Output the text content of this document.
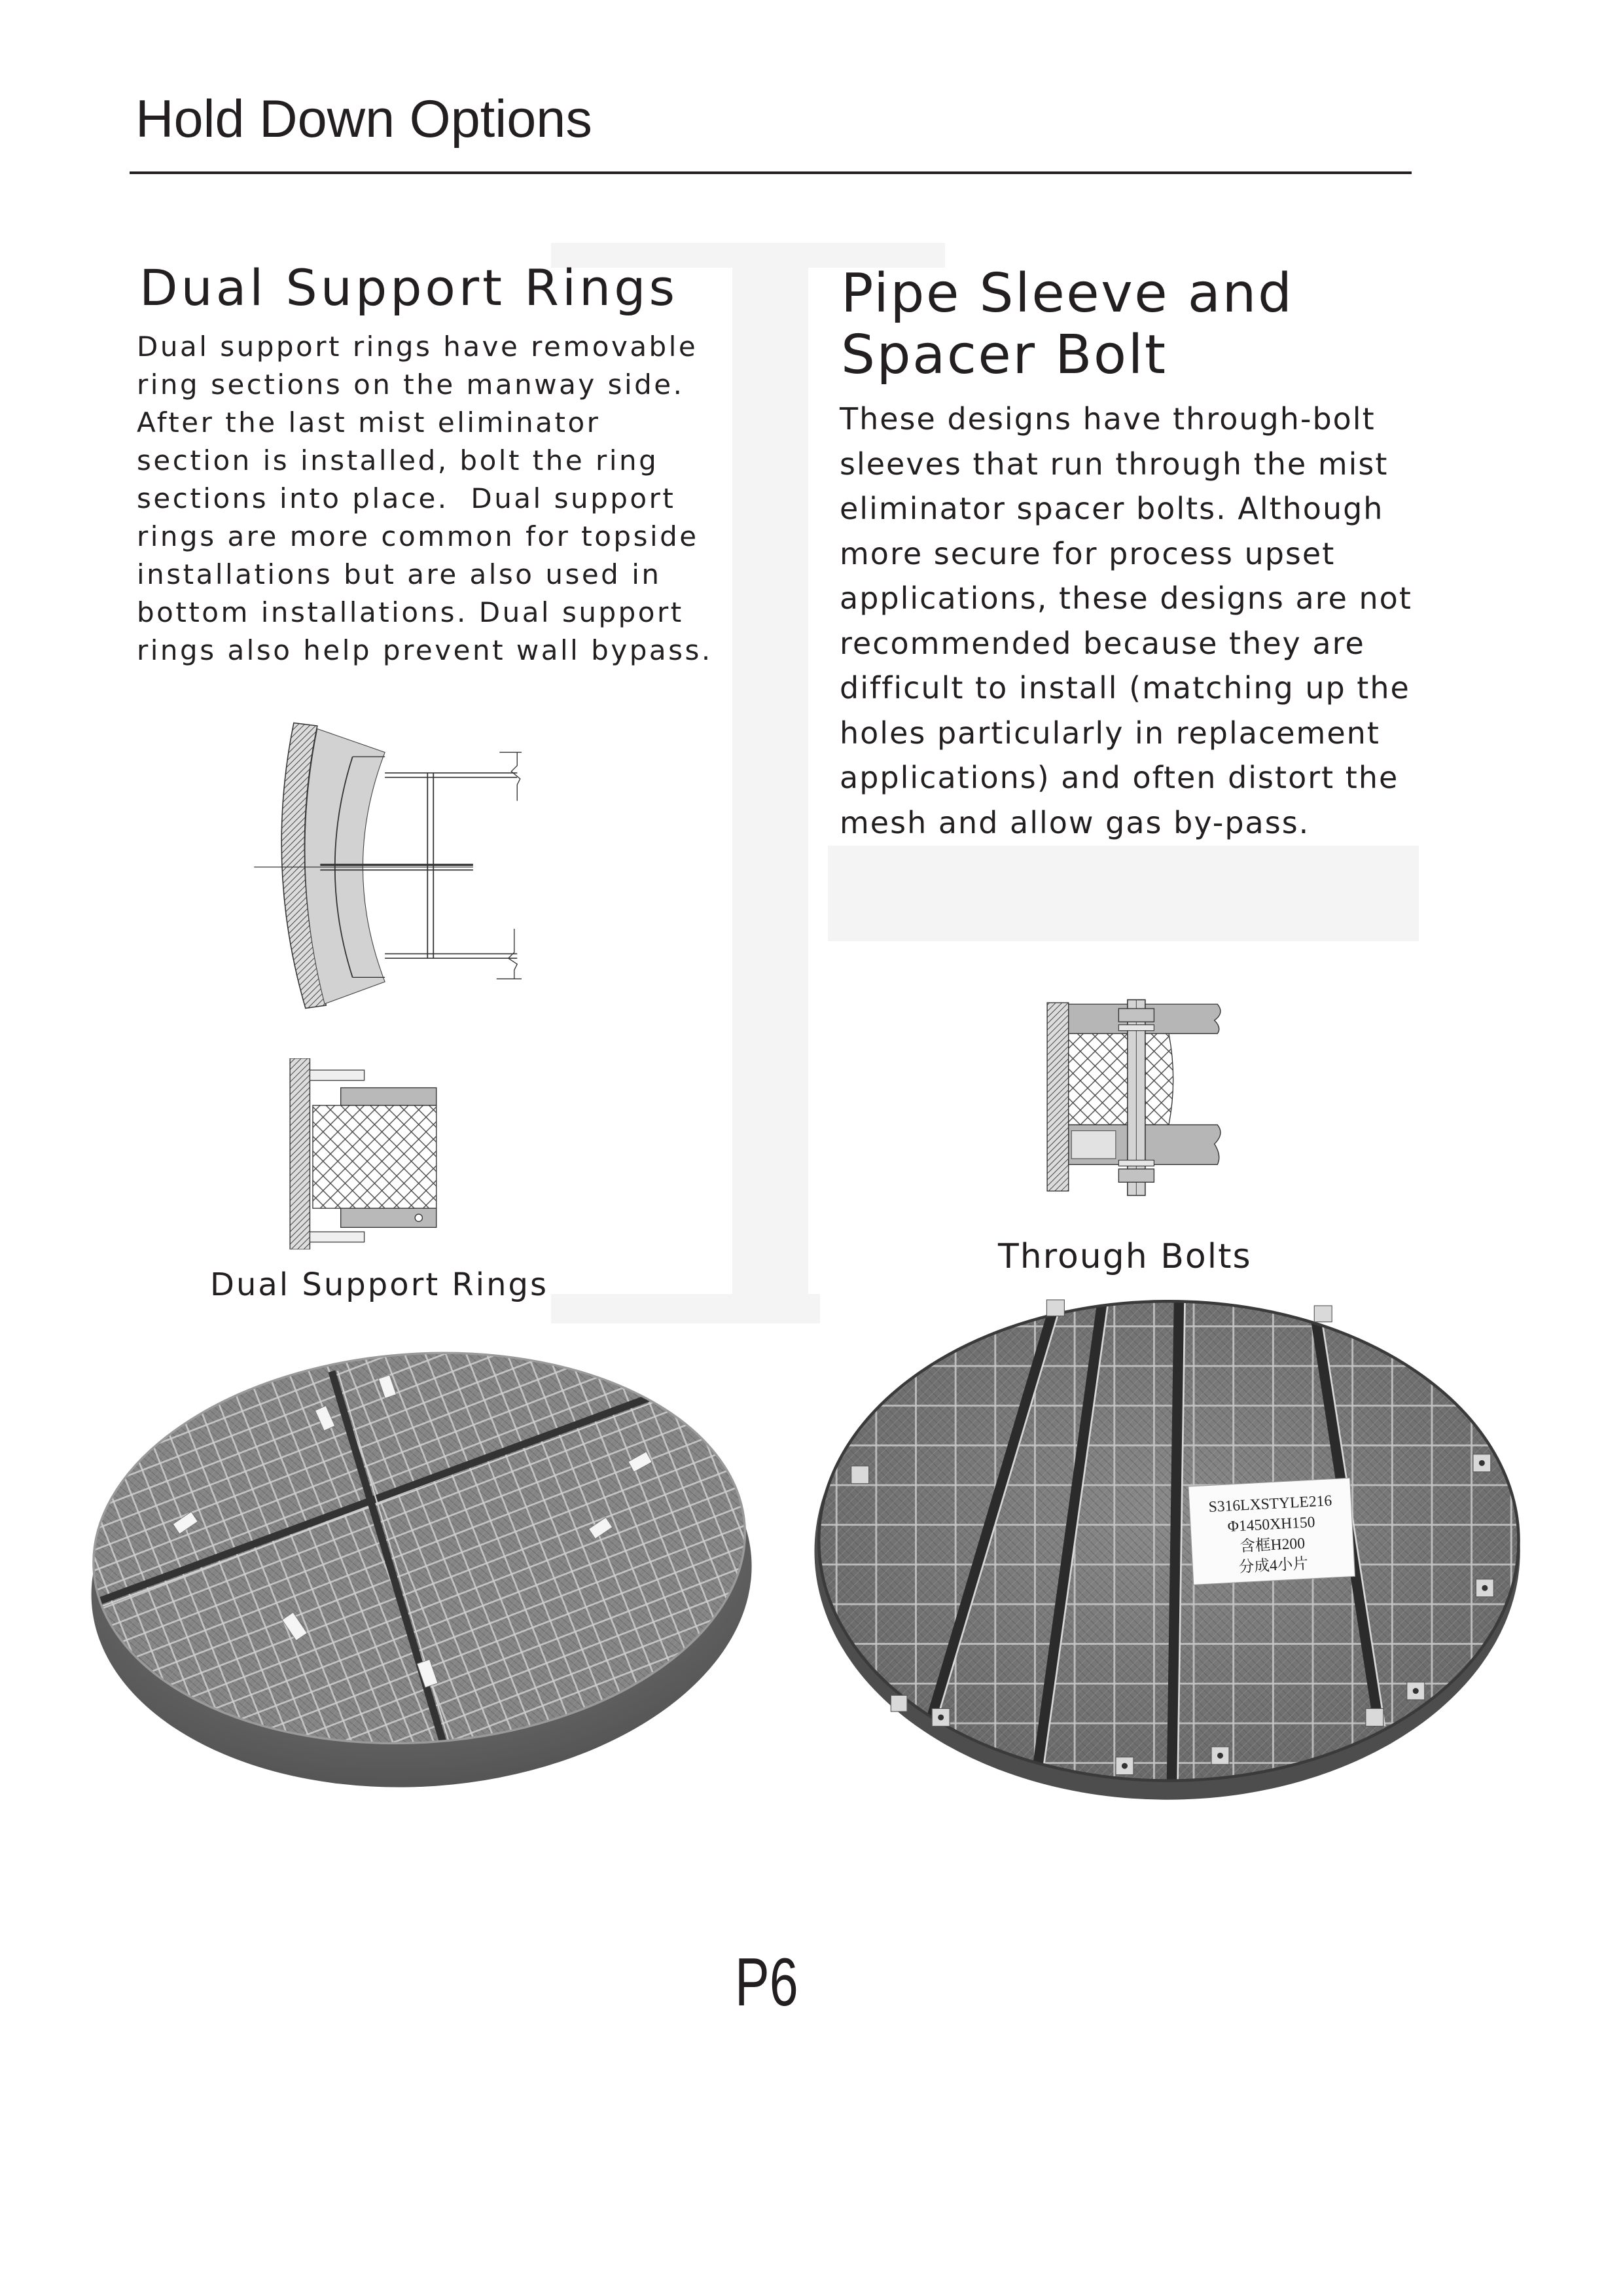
Hold Down Options
Dual Support Rings
Dual support rings have removable
ring sections on the manway side.
After the last mist eliminator
section is installed, bolt the ring
sections into place.  Dual support
rings are more common for topside
installations but are also used in
bottom installations. Dual support
rings also help prevent wall bypass.
Pipe Sleeve and
Spacer Bolt
These designs have through-bolt
sleeves that run through the mist
eliminator spacer bolts. Although
more secure for process upset
applications, these designs are not
recommended because they are
difficult to install (matching up the
holes particularly in replacement
applications) and often distort the
mesh and allow gas by-pass.
Dual Support Rings
Through Bolts
S316LXSTYLE216
Φ1450XH150
含框H200
分成4小片
P6
